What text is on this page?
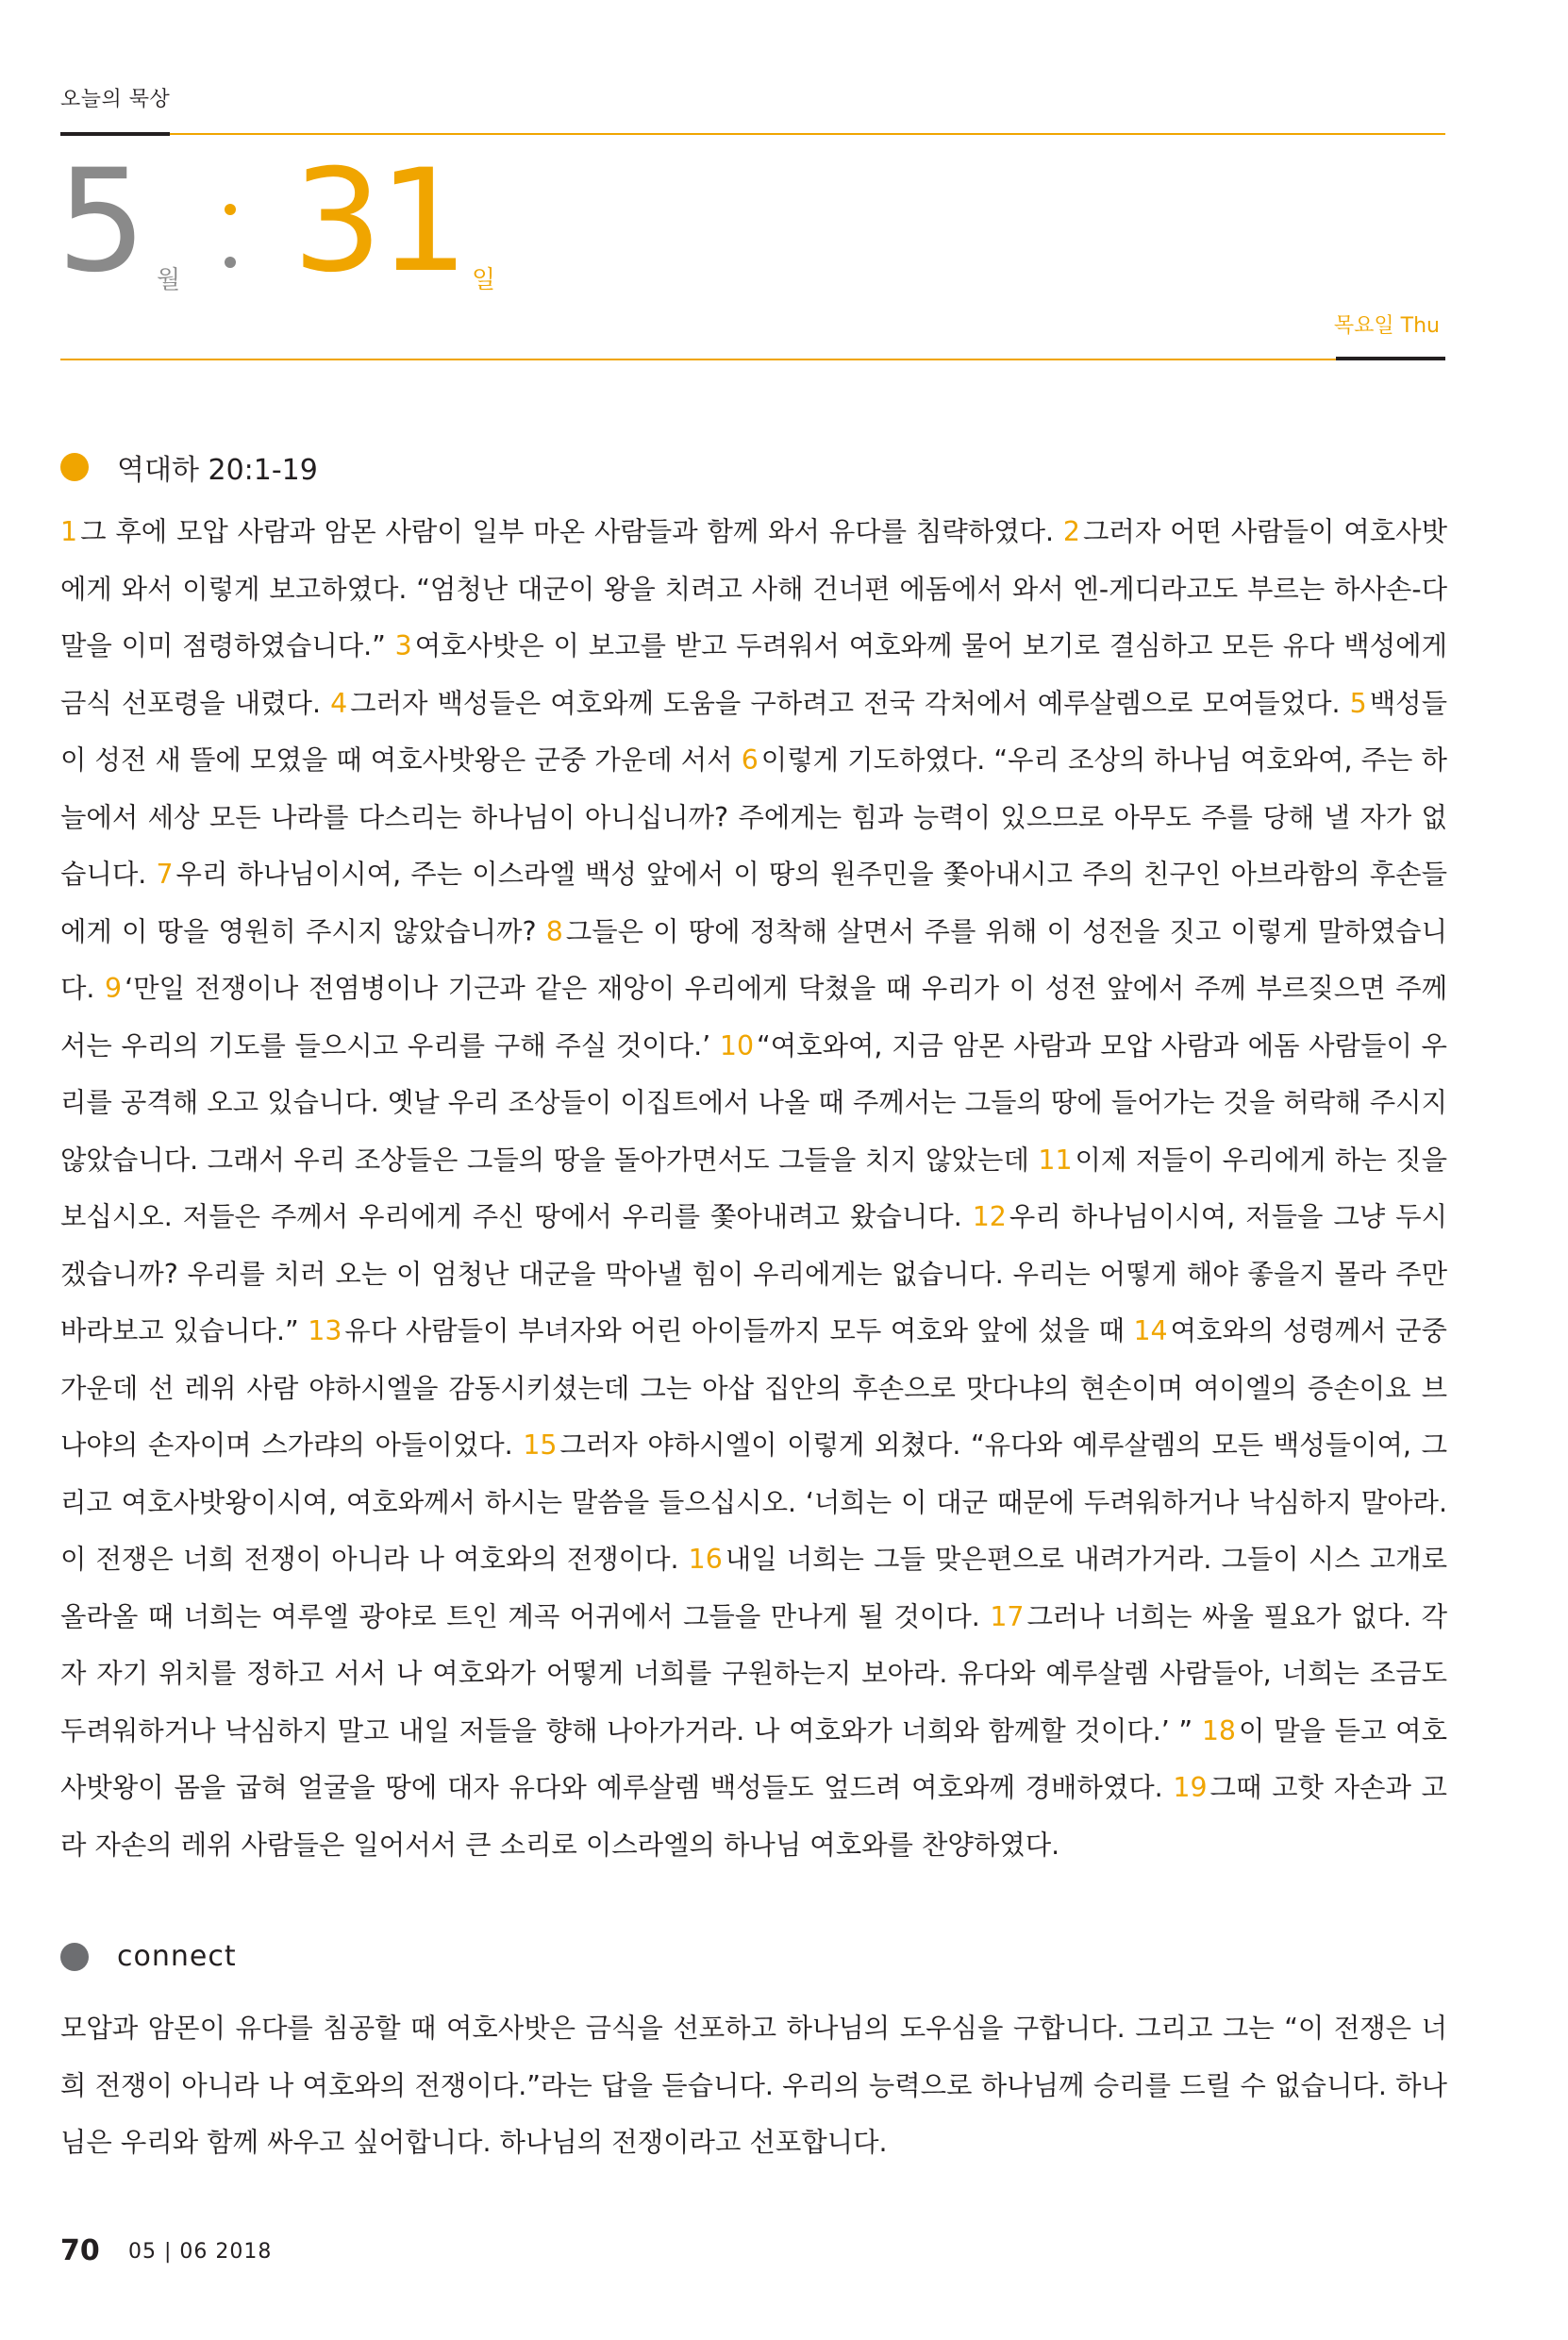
오늘의 묵상
5 월 31 일
목요일 Thu
역대하 20:1-19
1 그 후에 모압 사람과 암몬 사람이 일부 마온 사람들과 함께 와서 유다를 침략하였다. 2 그러자 어떤 사람들이 여호사밧에게 와서 이렇게 보고하였다. “엄청난 대군이 왕을 치려고 사해 건너편 에돔에서 와서 엔-게디라고도 부르는 하사손-다말을 이미 점령하였습니다.” 3 여호사밧은 이 보고를 받고 두려워서 여호와께 물어 보기로 결심하고 모든 유다 백성에게 금식 선포령을 내렸다. 4 그러자 백성들은 여호와께 도움을 구하려고 전국 각처에서 예루살렘으로 모여들었다. 5 백성들이 성전 새 뜰에 모였을 때 여호사밧왕은 군중 가운데 서서 6 이렇게 기도하였다. “우리 조상의 하나님 여호와여, 주는 하늘에서 세상 모든 나라를 다스리는 하나님이 아니십니까? 주에게는 힘과 능력이 있으므로 아무도 주를 당해 낼 자가 없습니다. 7 우리 하나님이시여, 주는 이스라엘 백성 앞에서 이 땅의 원주민을 쫓아내시고 주의 친구인 아브라함의 후손들에게 이 땅을 영원히 주시지 않았습니까? 8 그들은 이 땅에 정착해 살면서 주를 위해 이 성전을 짓고 이렇게 말하였습니다. 9 ‘만일 전쟁이나 전염병이나 기근과 같은 재앙이 우리에게 닥쳤을 때 우리가 이 성전 앞에서 주께 부르짖으면 주께서는 우리의 기도를 들으시고 우리를 구해 주실 것이다.’ 10 “여호와여, 지금 암몬 사람과 모압 사람과 에돔 사람들이 우리를 공격해 오고 있습니다. 옛날 우리 조상들이 이집트에서 나올 때 주께서는 그들의 땅에 들어가는 것을 허락해 주시지 않았습니다. 그래서 우리 조상들은 그들의 땅을 돌아가면서도 그들을 치지 않았는데 11 이제 저들이 우리에게 하는 짓을 보십시오. 저들은 주께서 우리에게 주신 땅에서 우리를 쫓아내려고 왔습니다. 12 우리 하나님이시여, 저들을 그냥 두시겠습니까? 우리를 치러 오는 이 엄청난 대군을 막아낼 힘이 우리에게는 없습니다. 우리는 어떻게 해야 좋을지 몰라 주만 바라보고 있습니다.” 13 유다 사람들이 부녀자와 어린 아이들까지 모두 여호와 앞에 섰을 때 14 여호와의 성령께서 군중 가운데 선 레위 사람 야하시엘을 감동시키셨는데 그는 아삽 집안의 후손으로 맛다냐의 현손이며 여이엘의 증손이요 브나야의 손자이며 스가랴의 아들이었다. 15 그러자 야하시엘이 이렇게 외쳤다. “유다와 예루살렘의 모든 백성들이여, 그리고 여호사밧왕이시여, 여호와께서 하시는 말씀을 들으십시오. ‘너희는 이 대군 때문에 두려워하거나 낙심하지 말아라. 이 전쟁은 너희 전쟁이 아니라 나 여호와의 전쟁이다. 16 내일 너희는 그들 맞은편으로 내려가거라. 그들이 시스 고개로 올라올 때 너희는 여루엘 광야로 트인 계곡 어귀에서 그들을 만나게 될 것이다. 17 그러나 너희는 싸울 필요가 없다. 각자 자기 위치를 정하고 서서 나 여호와가 어떻게 너희를 구원하는지 보아라. 유다와 예루살렘 사람들아, 너희는 조금도 두려워하거나 낙심하지 말고 내일 저들을 향해 나아가거라. 나 여호와가 너희와 함께할 것이다.’ ” 18 이 말을 듣고 여호사밧왕이 몸을 굽혀 얼굴을 땅에 대자 유다와 예루살렘 백성들도 엎드려 여호와께 경배하였다. 19 그때 고핫 자손과 고라 자손의 레위 사람들은 일어서서 큰 소리로 이스라엘의 하나님 여호와를 찬양하였다.
connect
모압과 암몬이 유다를 침공할 때 여호사밧은 금식을 선포하고 하나님의 도우심을 구합니다. 그리고 그는 “이 전쟁은 너희 전쟁이 아니라 나 여호와의 전쟁이다.”라는 답을 듣습니다. 우리의 능력으로 하나님께 승리를 드릴 수 없습니다. 하나님은 우리와 함께 싸우고 싶어합니다. 하나님의 전쟁이라고 선포합니다.
70 05 | 06 2018
